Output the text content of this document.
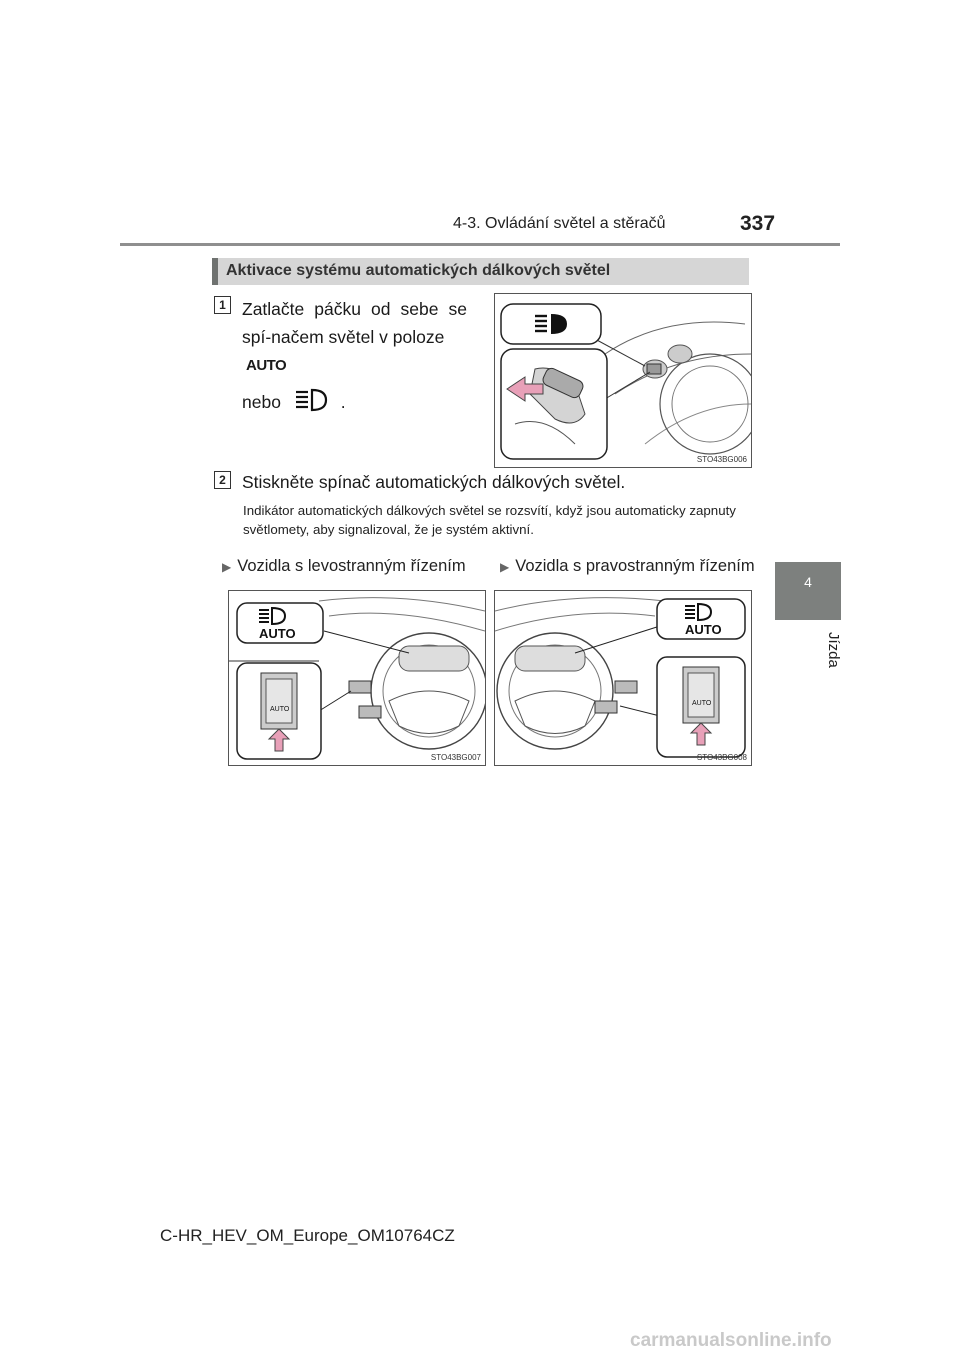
4-3. Ovládání světel a stěračů	337
4
Jízda
Aktivace systému automatických dálkových světel
1 Zatlačte páčku od sebe se spí-načem světel v poloze AUTO
nebo	.
STO43BG006
2 Stiskněte spínač automatických dálkových světel.
Indikátor automatických dálkových světel se rozsvítí, když jsou automaticky zapnuty světlomety, aby signalizoval, že je systém aktivní.
▶ Vozidla s levostranným řízením	▶ Vozidla s pravostranným řízením
AUTO
AUTO
STO43BG007
AUTO
AUTO
STO43BG008
C-HR_HEV_OM_Europe_OM10764CZ
carmanualsonline.info
